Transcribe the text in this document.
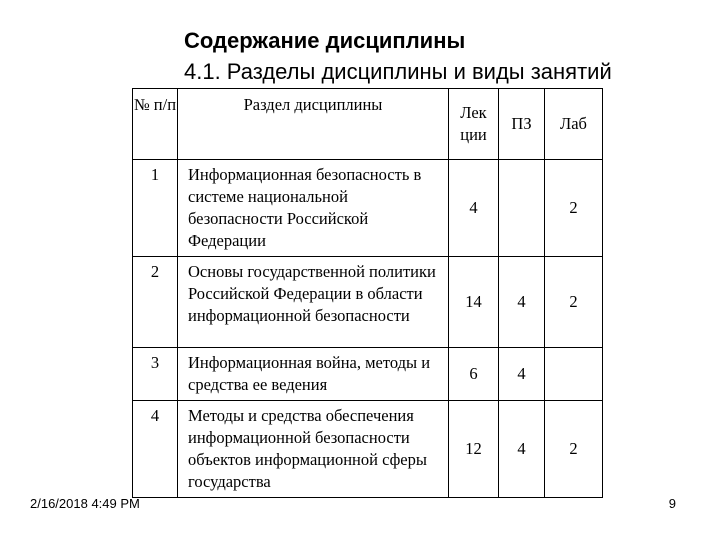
Содержание дисциплины
4.1. Разделы дисциплины и виды занятий
№ п/п	Раздел дисциплины	Лек ции	ПЗ	Лаб
1	Информационная безопасность в системе национальной безопасности Российской Федерации	4		2
2	Основы государственной политики Российской Федерации в области информационной безопасности	14	4	2
3	Информационная война, методы и средства ее ведения	6	4	
4	Методы и средства обеспечения информационной безопасности объектов информационной сферы государства	12	4	2
2/16/2018 4:49 PM	9
